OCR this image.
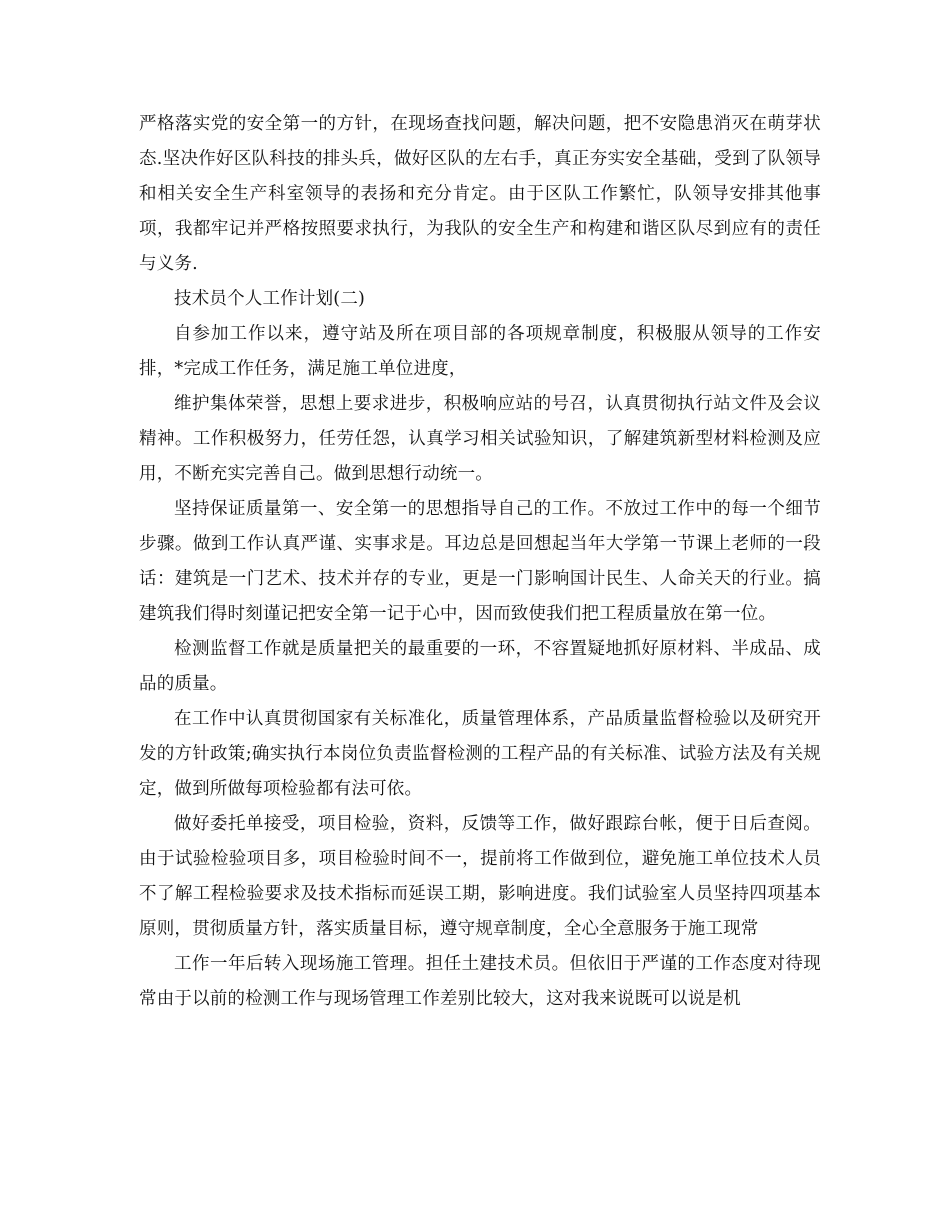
严格落实党的安全第一的方针，在现场查找问题，解决问题，把不安隐患消灭在萌芽状态.坚决作好区队科技的排头兵，做好区队的左右手，真正夯实安全基础，受到了队领导和相关安全生产科室领导的表扬和充分肯定。由于区队工作繁忙，队领导安排其他事项，我都牢记并严格按照要求执行，为我队的安全生产和构建和谐区队尽到应有的责任与义务.

技术员个人工作计划(二)

自参加工作以来，遵守站及所在项目部的各项规章制度，积极服从领导的工作安排，*完成工作任务，满足施工单位进度，

维护集体荣誉，思想上要求进步，积极响应站的号召，认真贯彻执行站文件及会议精神。工作积极努力，任劳任怨，认真学习相关试验知识，了解建筑新型材料检测及应用，不断充实完善自己。做到思想行动统一。

坚持保证质量第一、安全第一的思想指导自己的工作。不放过工作中的每一个细节步骤。做到工作认真严谨、实事求是。耳边总是回想起当年大学第一节课上老师的一段话：建筑是一门艺术、技术并存的专业，更是一门影响国计民生、人命关天的行业。搞建筑我们得时刻谨记把安全第一记于心中，因而致使我们把工程质量放在第一位。

检测监督工作就是质量把关的最重要的一环，不容置疑地抓好原材料、半成品、成品的质量。

在工作中认真贯彻国家有关标准化，质量管理体系，产品质量监督检验以及研究开发的方针政策;确实执行本岗位负责监督检测的工程产品的有关标准、试验方法及有关规定，做到所做每项检验都有法可依。

做好委托单接受，项目检验，资料，反馈等工作，做好跟踪台帐，便于日后查阅。由于试验检验项目多，项目检验时间不一，提前将工作做到位，避免施工单位技术人员不了解工程检验要求及技术指标而延误工期，影响进度。我们试验室人员坚持四项基本原则，贯彻质量方针，落实质量目标，遵守规章制度，全心全意服务于施工现常

工作一年后转入现场施工管理。担任土建技术员。但依旧于严谨的工作态度对待现常由于以前的检测工作与现场管理工作差别比较大，这对我来说既可以说是机
